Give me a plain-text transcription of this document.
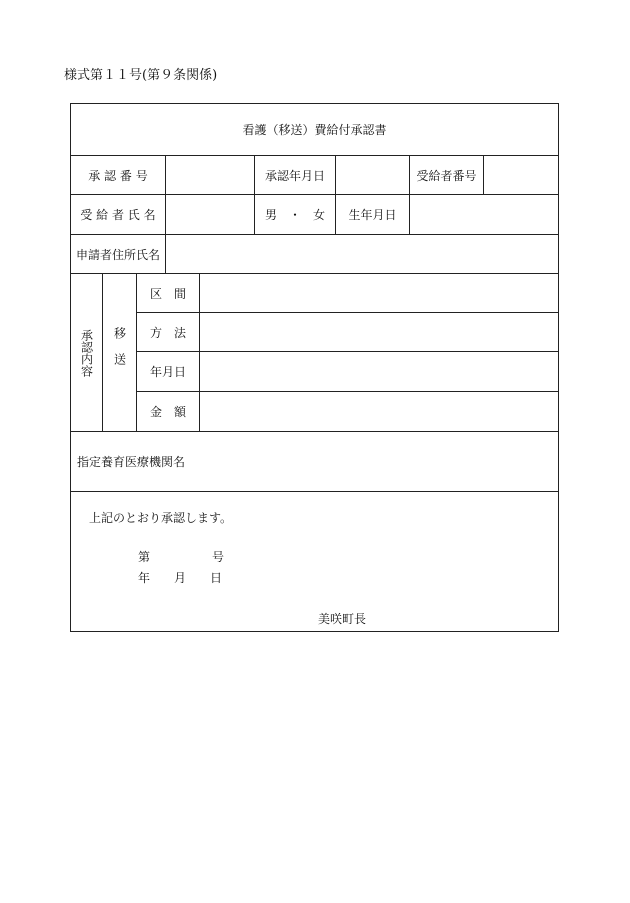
様式第１１号(第９条関係)
看護（移送）費給付承認書
承 認 番 号	承認年月日	受給者番号
受 給 者 氏 名	男　・　女	生年月日
申請者住所氏名
承認内容 移送
区　間
方　法
年月日
金　額
指定養育医療機関名
上記のとおり承認します。
第	号
年 月 日
美咲町長
